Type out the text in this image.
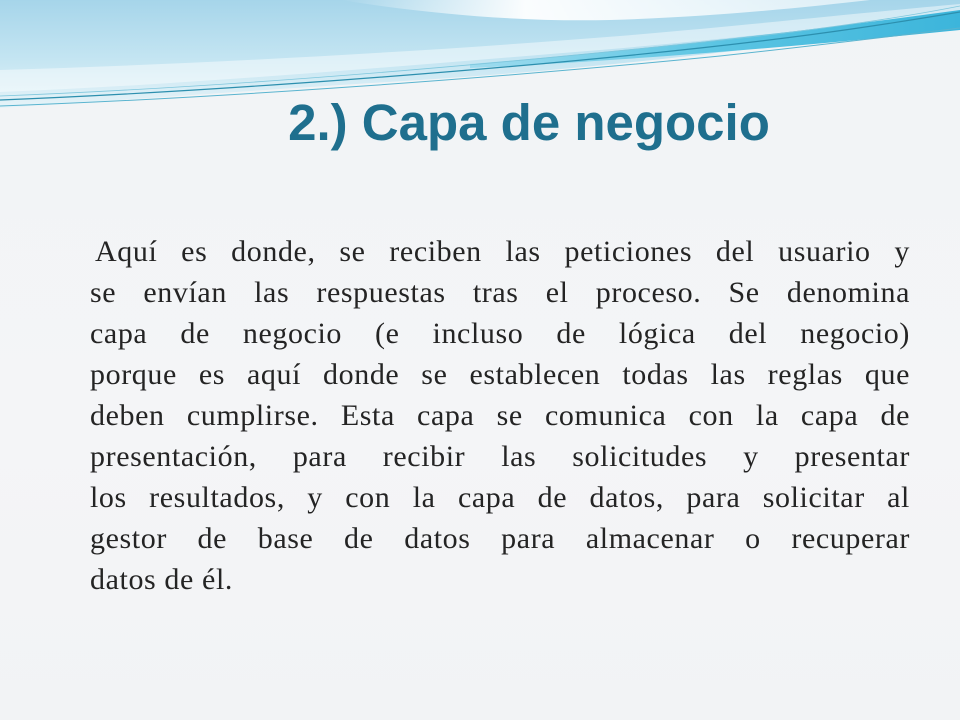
2.) Capa de negocio
Aquí es donde, se reciben las peticiones del usuario y
se envían las respuestas tras el proceso. Se denomina
capa de negocio (e incluso de lógica del negocio)
porque es aquí donde se establecen todas las reglas que
deben cumplirse. Esta capa se comunica con la capa de
presentación, para recibir las solicitudes y presentar
los resultados, y con la capa de datos, para solicitar al
gestor de base de datos para almacenar o recuperar
datos de él.
